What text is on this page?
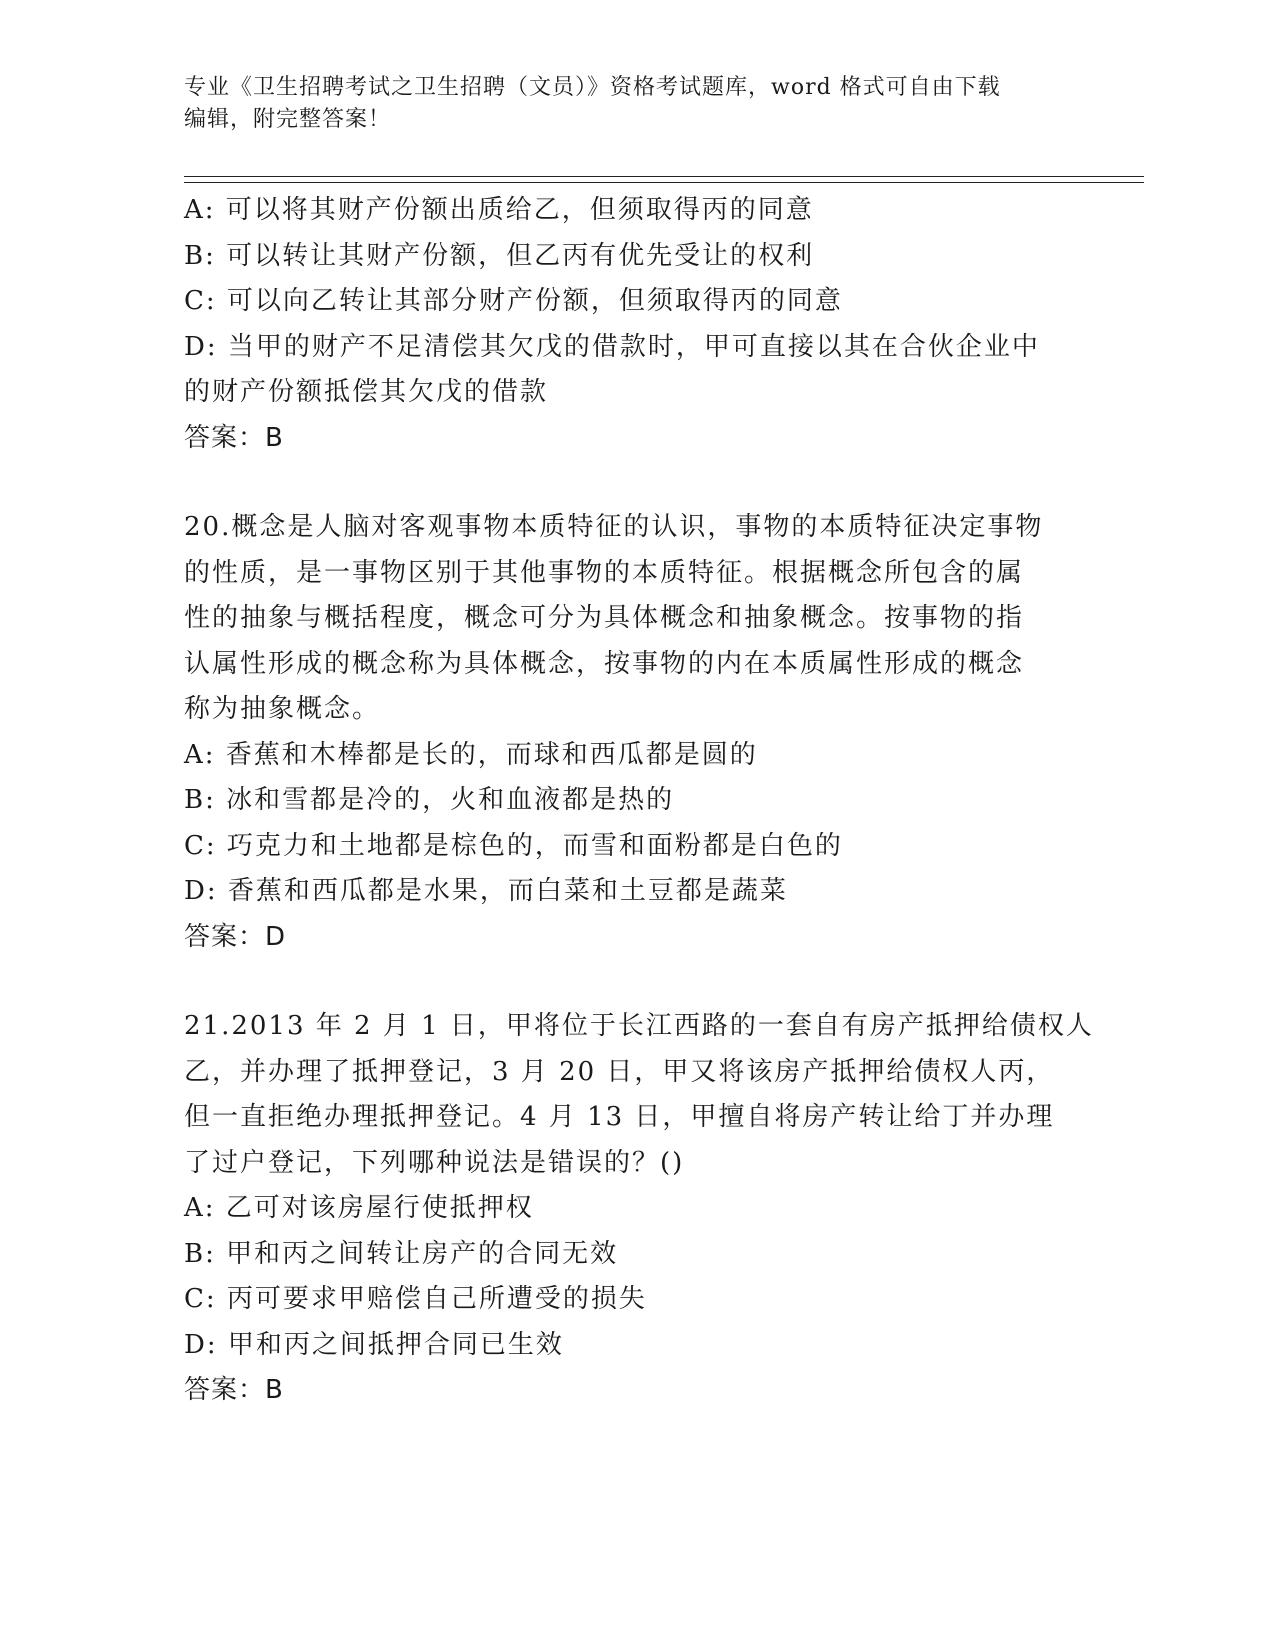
专业《卫生招聘考试之卫生招聘（文员）》资格考试题库，word 格式可自由下载
编辑，附完整答案！
A: 可以将其财产份额出质给乙，但须取得丙的同意
B: 可以转让其财产份额，但乙丙有优先受让的权利
C: 可以向乙转让其部分财产份额，但须取得丙的同意
D: 当甲的财产不足清偿其欠戊的借款时，甲可直接以其在合伙企业中
的财产份额抵偿其欠戊的借款
答案：B
20.概念是人脑对客观事物本质特征的认识，事物的本质特征决定事物
的性质，是一事物区别于其他事物的本质特征。根据概念所包含的属
性的抽象与概括程度，概念可分为具体概念和抽象概念。按事物的指
认属性形成的概念称为具体概念，按事物的内在本质属性形成的概念
称为抽象概念。
A: 香蕉和木棒都是长的，而球和西瓜都是圆的
B: 冰和雪都是冷的，火和血液都是热的
C: 巧克力和土地都是棕色的，而雪和面粉都是白色的
D: 香蕉和西瓜都是水果，而白菜和土豆都是蔬菜
答案：D
21.2013 年 2 月 1 日，甲将位于长江西路的一套自有房产抵押给债权人
乙，并办理了抵押登记，3 月 20 日，甲又将该房产抵押给债权人丙，
但一直拒绝办理抵押登记。4 月 13 日，甲擅自将房产转让给丁并办理
了过户登记，下列哪种说法是错误的？()
A: 乙可对该房屋行使抵押权
B: 甲和丙之间转让房产的合同无效
C: 丙可要求甲赔偿自己所遭受的损失
D: 甲和丙之间抵押合同已生效
答案：B
